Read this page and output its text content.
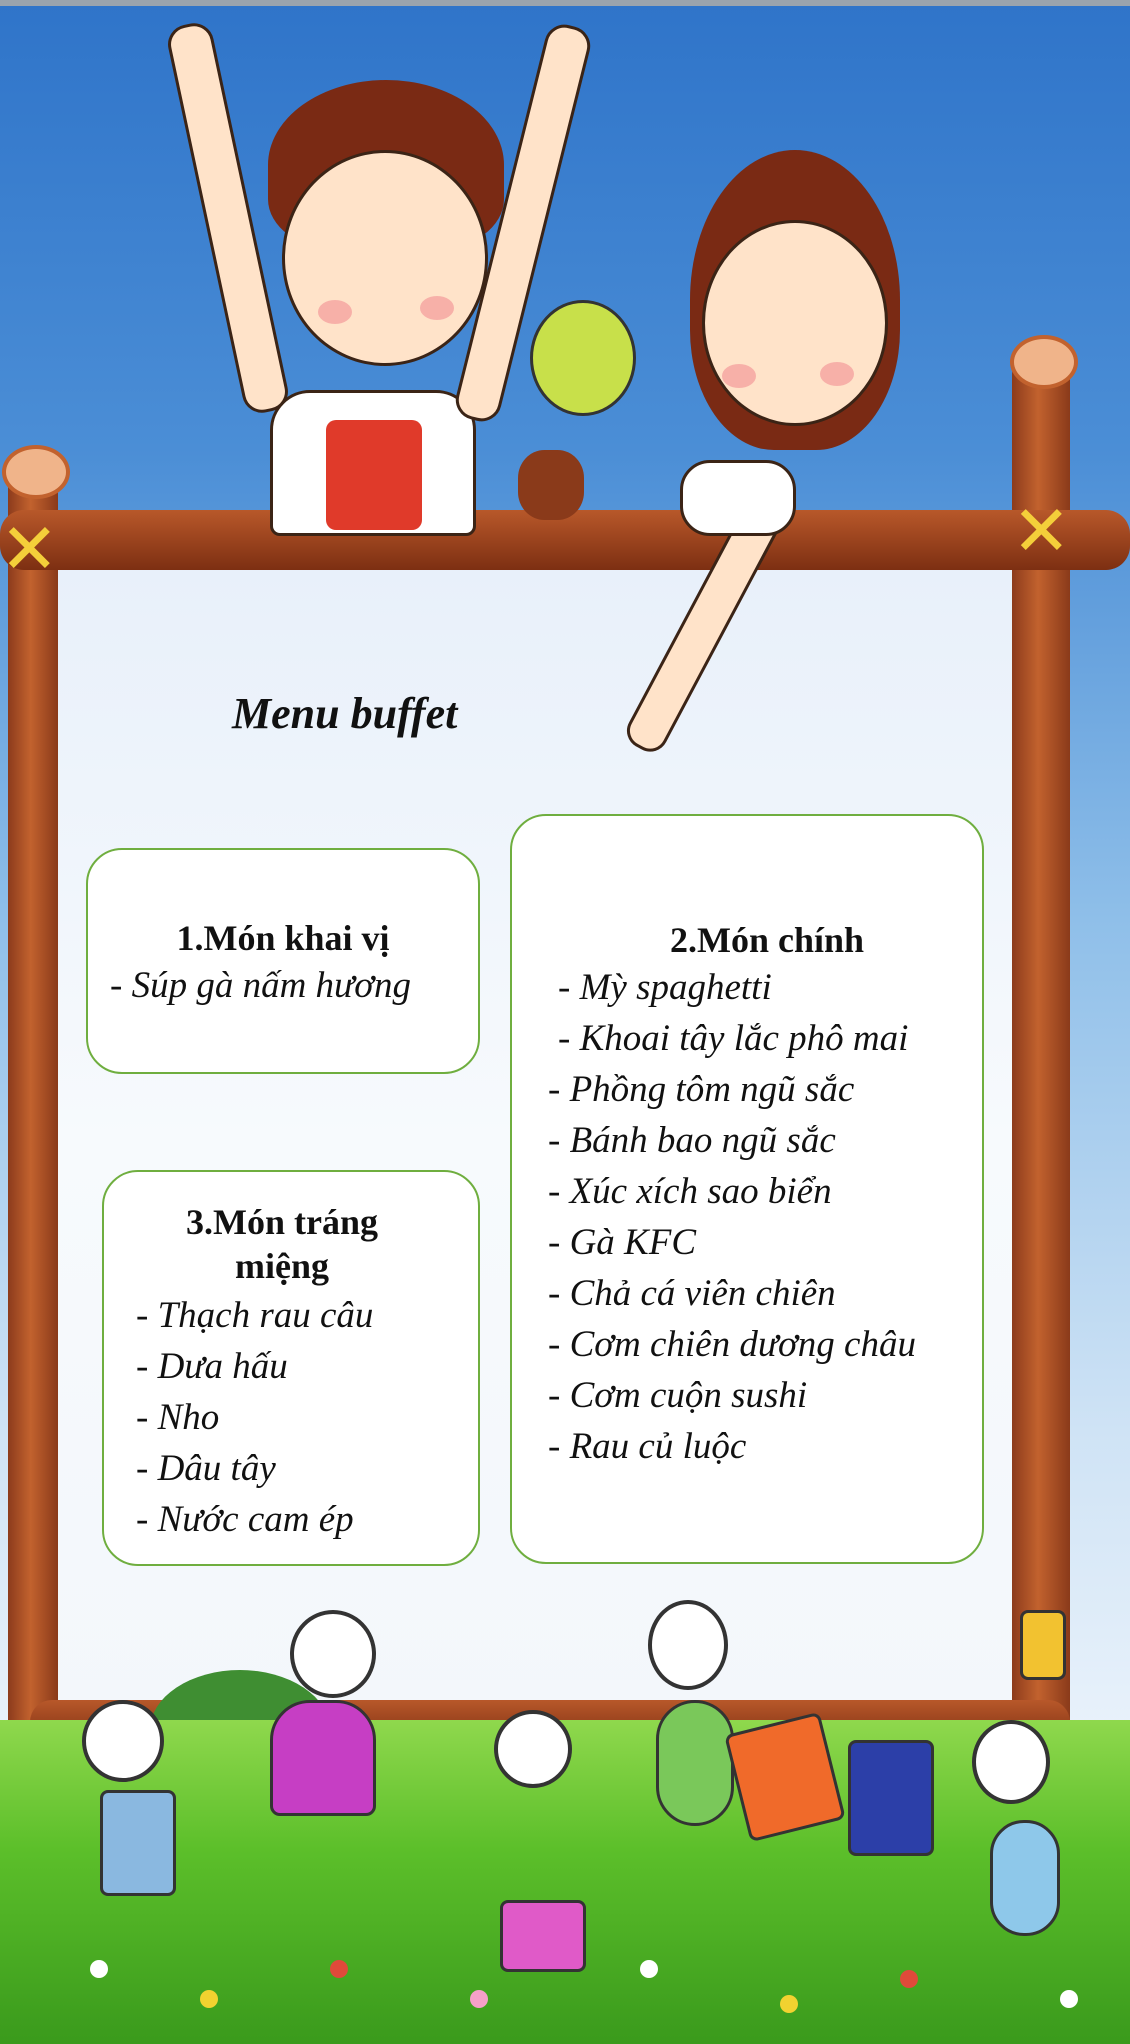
✕	✕
Menu buffet
1.Món khai vị
- Súp gà nấm hương
2.Món chính
- Mỳ spaghetti
- Khoai tây lắc phô mai
- Phồng tôm ngũ sắc
- Bánh bao ngũ sắc
- Xúc xích sao biển
- Gà KFC
- Chả cá viên chiên
- Cơm chiên dương châu
- Cơm cuộn sushi
- Rau củ luộc
3.Món tráng miệng
- Thạch rau câu
- Dưa hấu
- Nho
- Dâu tây
- Nước cam ép
